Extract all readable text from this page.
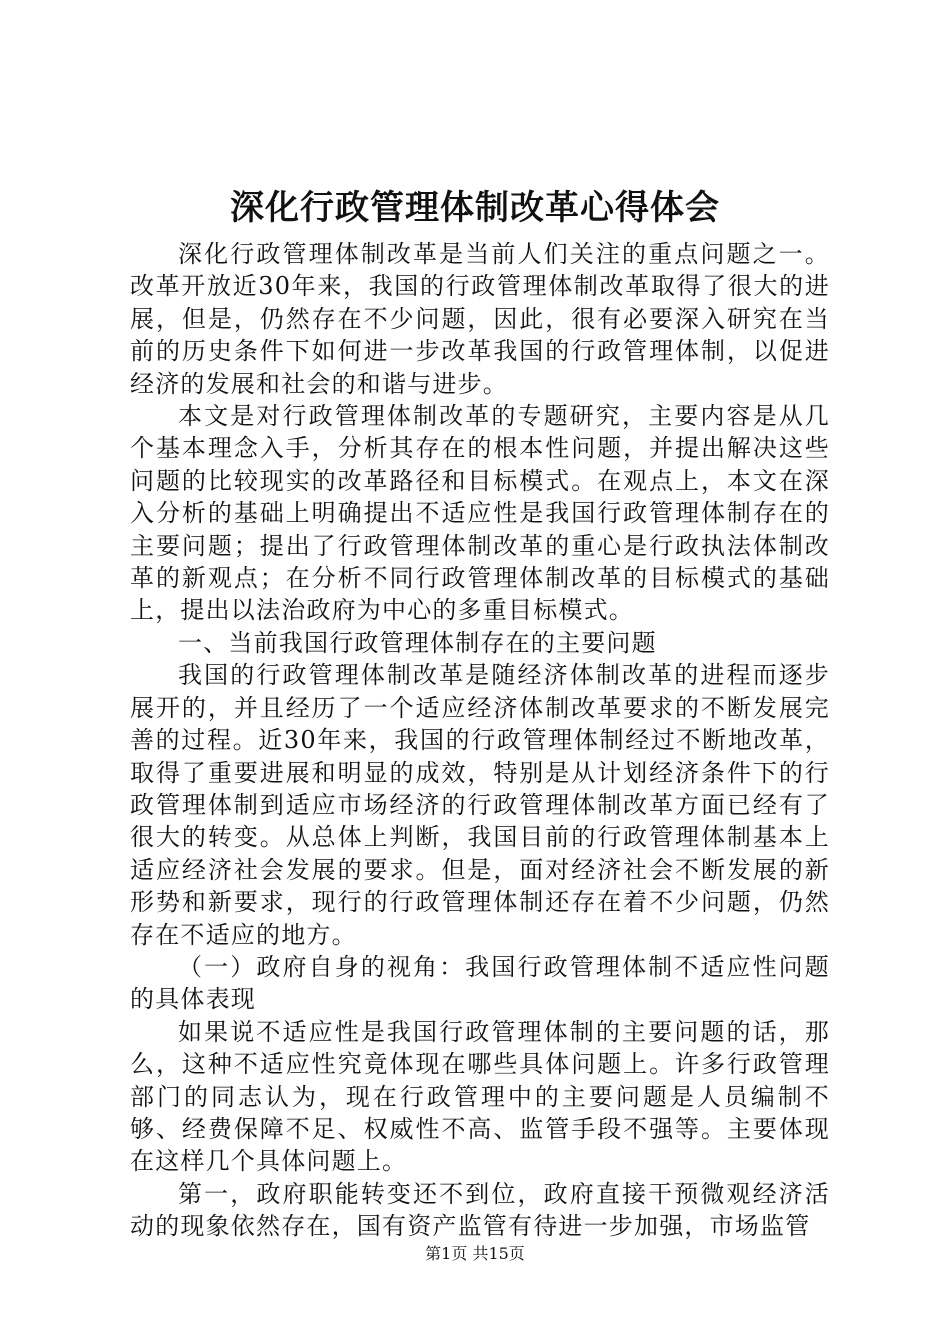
深化行政管理体制改革心得体会

深化行政管理体制改革是当前人们关注的重点问题之一。改革开放近30年来，我国的行政管理体制改革取得了很大的进展，但是，仍然存在不少问题，因此，很有必要深入研究在当前的历史条件下如何进一步改革我国的行政管理体制，以促进经济的发展和社会的和谐与进步。

本文是对行政管理体制改革的专题研究，主要内容是从几个基本理念入手，分析其存在的根本性问题，并提出解决这些问题的比较现实的改革路径和目标模式。在观点上，本文在深入分析的基础上明确提出不适应性是我国行政管理体制存在的主要问题；提出了行政管理体制改革的重心是行政执法体制改革的新观点；在分析不同行政管理体制改革的目标模式的基础上，提出以法治政府为中心的多重目标模式。

一、当前我国行政管理体制存在的主要问题

我国的行政管理体制改革是随经济体制改革的进程而逐步展开的，并且经历了一个适应经济体制改革要求的不断发展完善的过程。近30年来，我国的行政管理体制经过不断地改革，取得了重要进展和明显的成效，特别是从计划经济条件下的行政管理体制到适应市场经济的行政管理体制改革方面已经有了很大的转变。从总体上判断，我国目前的行政管理体制基本上适应经济社会发展的要求。但是，面对经济社会不断发展的新形势和新要求，现行的行政管理体制还存在着不少问题，仍然存在不适应的地方。

（一）政府自身的视角：我国行政管理体制不适应性问题的具体表现

如果说不适应性是我国行政管理体制的主要问题的话，那么，这种不适应性究竟体现在哪些具体问题上。许多行政管理部门的同志认为，现在行政管理中的主要问题是人员编制不够、经费保障不足、权威性不高、监管手段不强等。主要体现在这样几个具体问题上。

第一，政府职能转变还不到位，政府直接干预微观经济活动的现象依然存在，国有资产监管有待进一步加强，市场监管

第1页 共15页
